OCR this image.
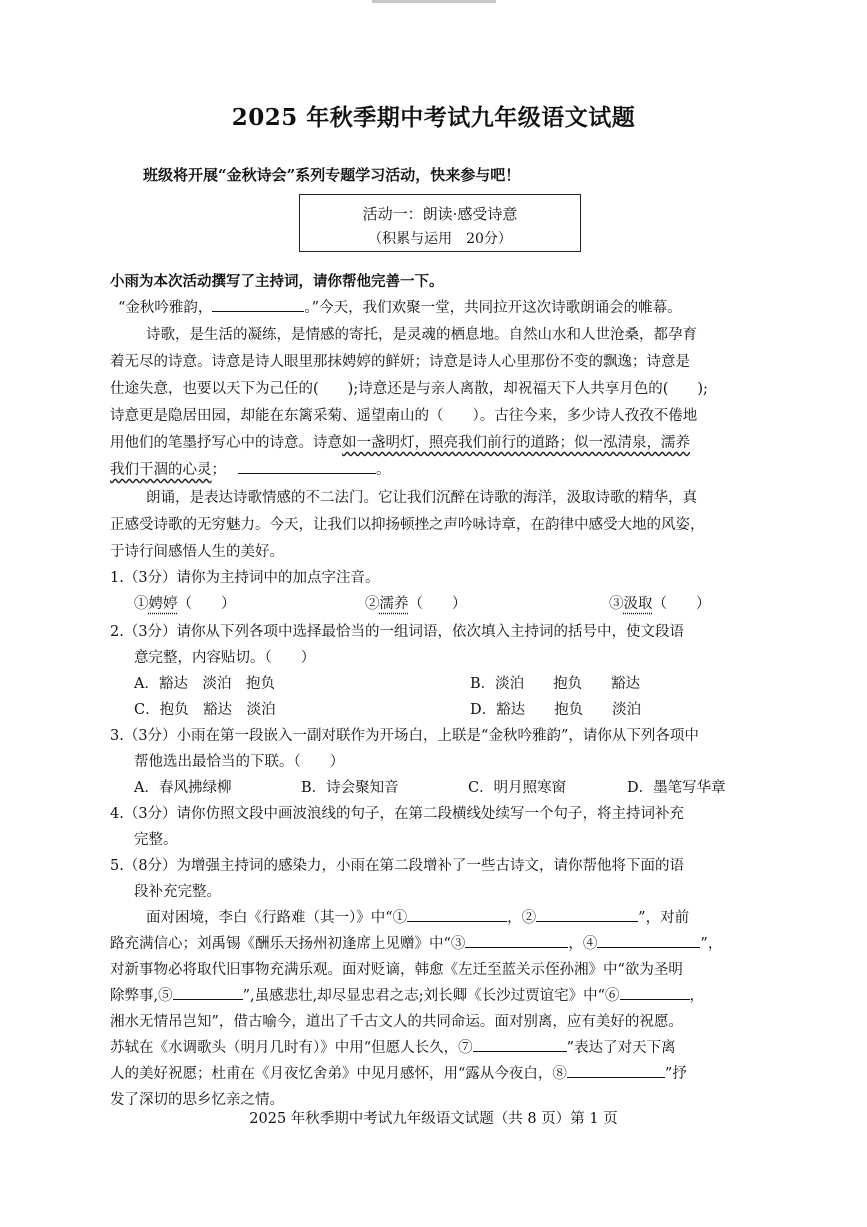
2025 年秋季期中考试九年级语文试题
班级将开展“金秋诗会”系列专题学习活动，快来参与吧！
活动一：朗读·感受诗意
（积累与运用　20分）
小雨为本次活动撰写了主持词，请你帮他完善一下。
“金秋吟雅韵，	。”今天，我们欢聚一堂，共同拉开这次诗歌朗诵会的帷幕。
诗歌，是生活的凝练，是情感的寄托，是灵魂的栖息地。自然山水和人世沧桑，都孕育
着无尽的诗意。诗意是诗人眼里那抹娉婷的鲜妍；诗意是诗人心里那份不变的飘逸；诗意是
仕途失意，也要以天下为己任的(　　);诗意还是与亲人离散，却祝福天下人共享月色的(　　);
诗意更是隐居田园，却能在东篱采菊、遥望南山的（　　）。古往今来，多少诗人孜孜不倦地
用他们的笔墨抒写心中的诗意。诗意如一盏明灯，照亮我们前行的道路；似一泓清泉，濡养
我们干涸的心灵；	。
朗诵，是表达诗歌情感的不二法门。它让我们沉醉在诗歌的海洋，汲取诗歌的精华，真
正感受诗歌的无穷魅力。今天，让我们以抑扬顿挫之声吟咏诗章，在韵律中感受大地的风姿，
于诗行间感悟人生的美好。
1.（3分）请你为主持词中的加点字注音。
①娉婷（　　）	②濡养（　　）	③汲取（　　）
2.（3分）请你从下列各项中选择最恰当的一组词语，依次填入主持词的括号中，使文段语
意完整，内容贴切。（　　）
A．豁达　淡泊　抱负	B．淡泊　　抱负　　豁达
C．抱负　豁达　淡泊	D．豁达　　抱负　　淡泊
3.（3分）小雨在第一段嵌入一副对联作为开场白，上联是“金秋吟雅韵”，请你从下列各项中
帮他选出最恰当的下联。（　　）
A．春风拂绿柳	B．诗会聚知音	C．明月照寒窗	D．墨笔写华章
4.（3分）请你仿照文段中画波浪线的句子，在第二段横线处续写一个句子，将主持词补充
完整。
5.（8分）为增强主持词的感染力，小雨在第二段增补了一些古诗文，请你帮他将下面的语
段补充完整。
面对困境，李白《行路难（其一）》中“①	，②	”，对前
路充满信心；刘禹锡《酬乐天扬州初逢席上见赠》中“③	，④	”，
对新事物必将取代旧事物充满乐观。面对贬谪，韩愈《左迁至蓝关示侄孙湘》中“欲为圣明
除弊事,⑤	”,虽感悲壮,却尽显忠君之志;刘长卿《长沙过贾谊宅》中“⑥	，
湘水无情吊岂知”，借古喻今，道出了千古文人的共同命运。面对别离，应有美好的祝愿。
苏轼在《水调歌头（明月几时有）》中用“但愿人长久，⑦	”表达了对天下离
人的美好祝愿；杜甫在《月夜忆舍弟》中见月感怀，用“露从今夜白，⑧	”抒
发了深切的思乡忆亲之情。
2025 年秋季期中考试九年级语文试题（共 8 页）第 1 页
